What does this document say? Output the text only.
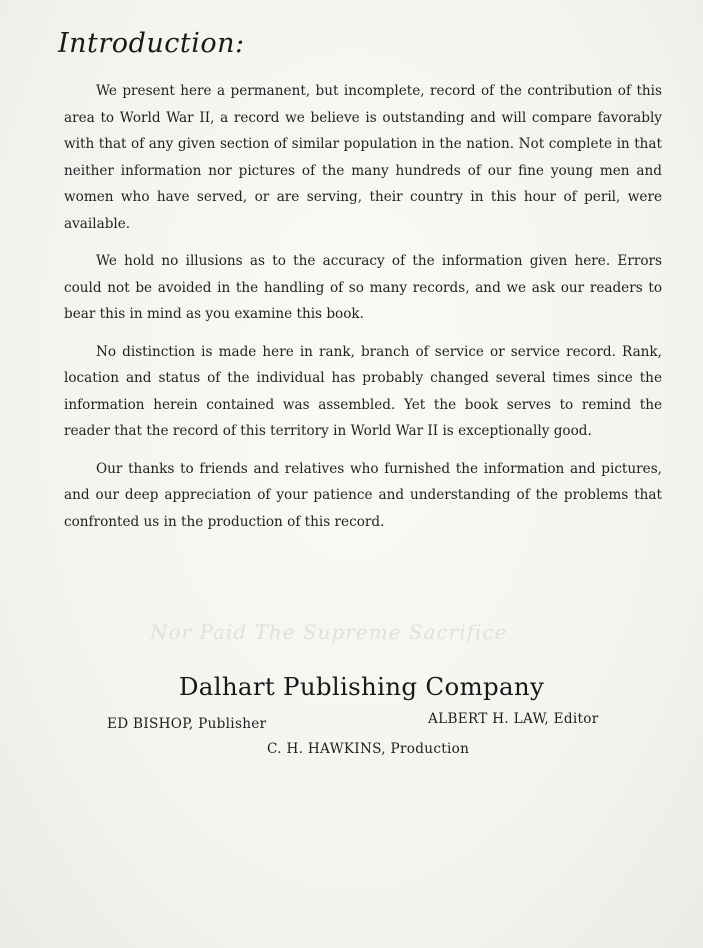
Nor Paid The Supreme Sacrifice
Introduction:

We present here a permanent, but incomplete, record of the contribution of this area to World War II, a record we believe is outstanding and will compare favorably with that of any given section of similar population in the nation. Not complete in that neither information nor pictures of the many hundreds of our fine young men and women who have served, or are serving, their country in this hour of peril, were available.

We hold no illusions as to the accuracy of the information given here. Errors could not be avoided in the handling of so many records, and we ask our readers to bear this in mind as you examine this book.

No distinction is made here in rank, branch of service or service record. Rank, location and status of the individual has probably changed several times since the information herein contained was assembled. Yet the book serves to remind the reader that the record of this territory in World War II is exceptionally good.

Our thanks to friends and relatives who furnished the information and pictures, and our deep appreciation of your patience and understanding of the problems that confronted us in the production of this record.

Dalhart Publishing Company
ED BISHOP, Publisher	ALBERT H. LAW, Editor
C. H. HAWKINS, Production
